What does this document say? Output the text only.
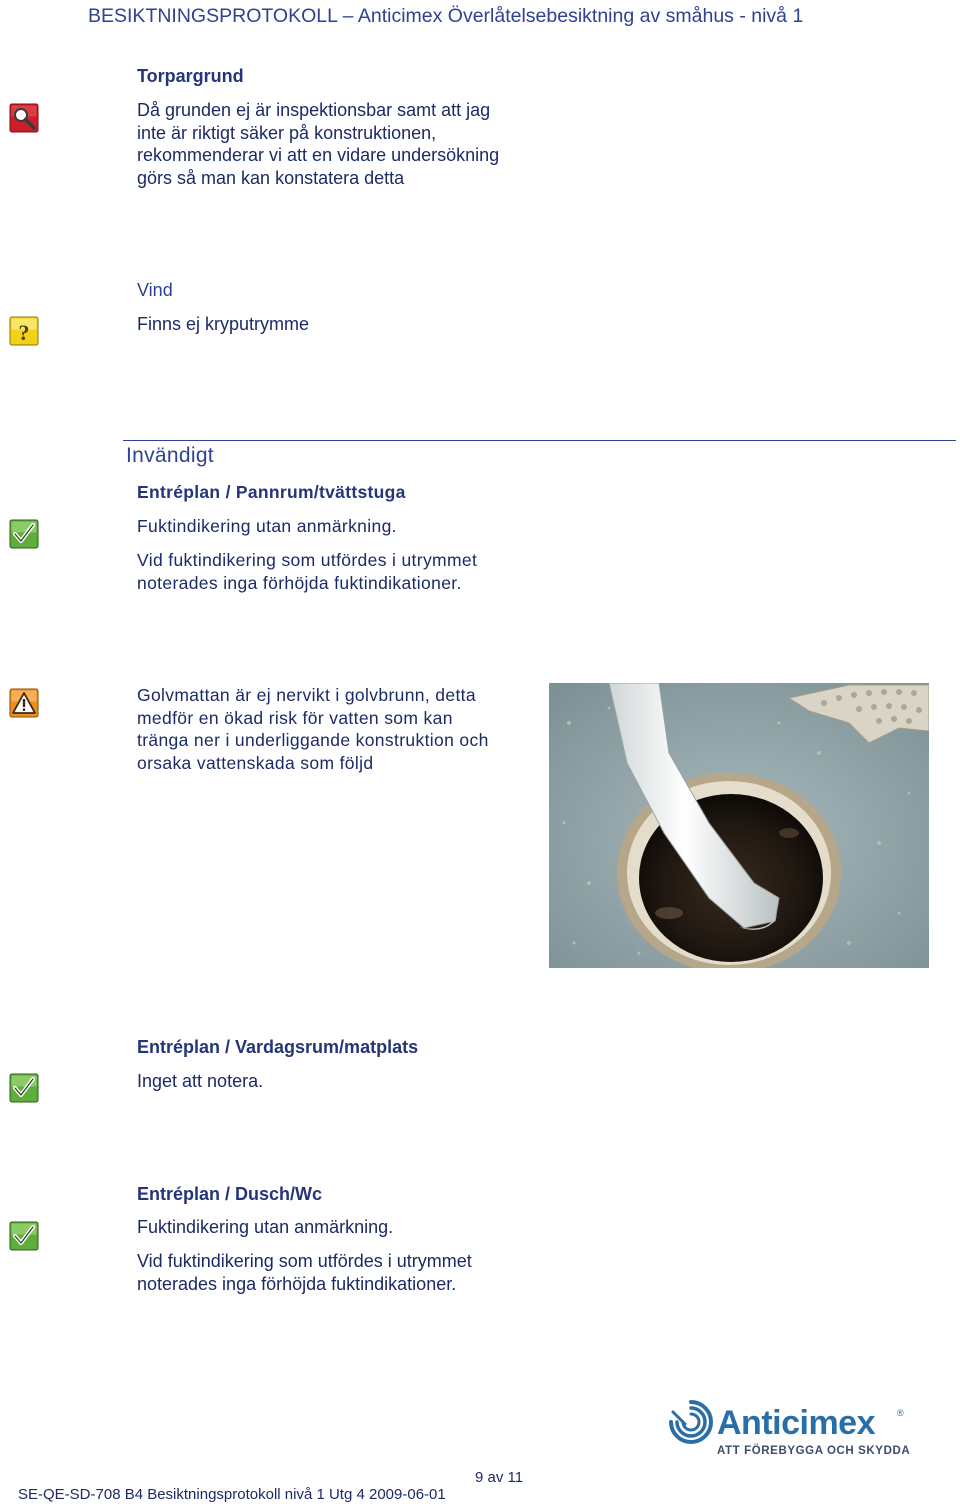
BESIKTNINGSPROTOKOLL – Anticimex Överlåtelsebesiktning av småhus - nivå 1
Torpargrund
Då grunden ej är inspektionsbar samt att jag
inte är riktigt säker på konstruktionen,
rekommenderar vi att en vidare undersökning
görs så man kan konstatera detta
?
Vind
Finns ej kryputrymme
Invändigt
Entréplan / Pannrum/tvättstuga
Fuktindikering utan anmärkning.
Vid fuktindikering som utfördes i utrymmet
noterades inga förhöjda fuktindikationer.
Golvmattan är ej nervikt i golvbrunn, detta
medför en ökad risk för vatten som kan
tränga ner i underliggande konstruktion och
orsaka vattenskada som följd
Entréplan / Vardagsrum/matplats
Inget att notera.
Entréplan / Dusch/Wc
Fuktindikering utan anmärkning.
Vid fuktindikering som utfördes i utrymmet
noterades inga förhöjda fuktindikationer.
Anticimex ®
ATT FÖREBYGGA OCH SKYDDA
9 av 11
SE-QE-SD-708 B4 Besiktningsprotokoll nivå 1 Utg 4 2009-06-01
